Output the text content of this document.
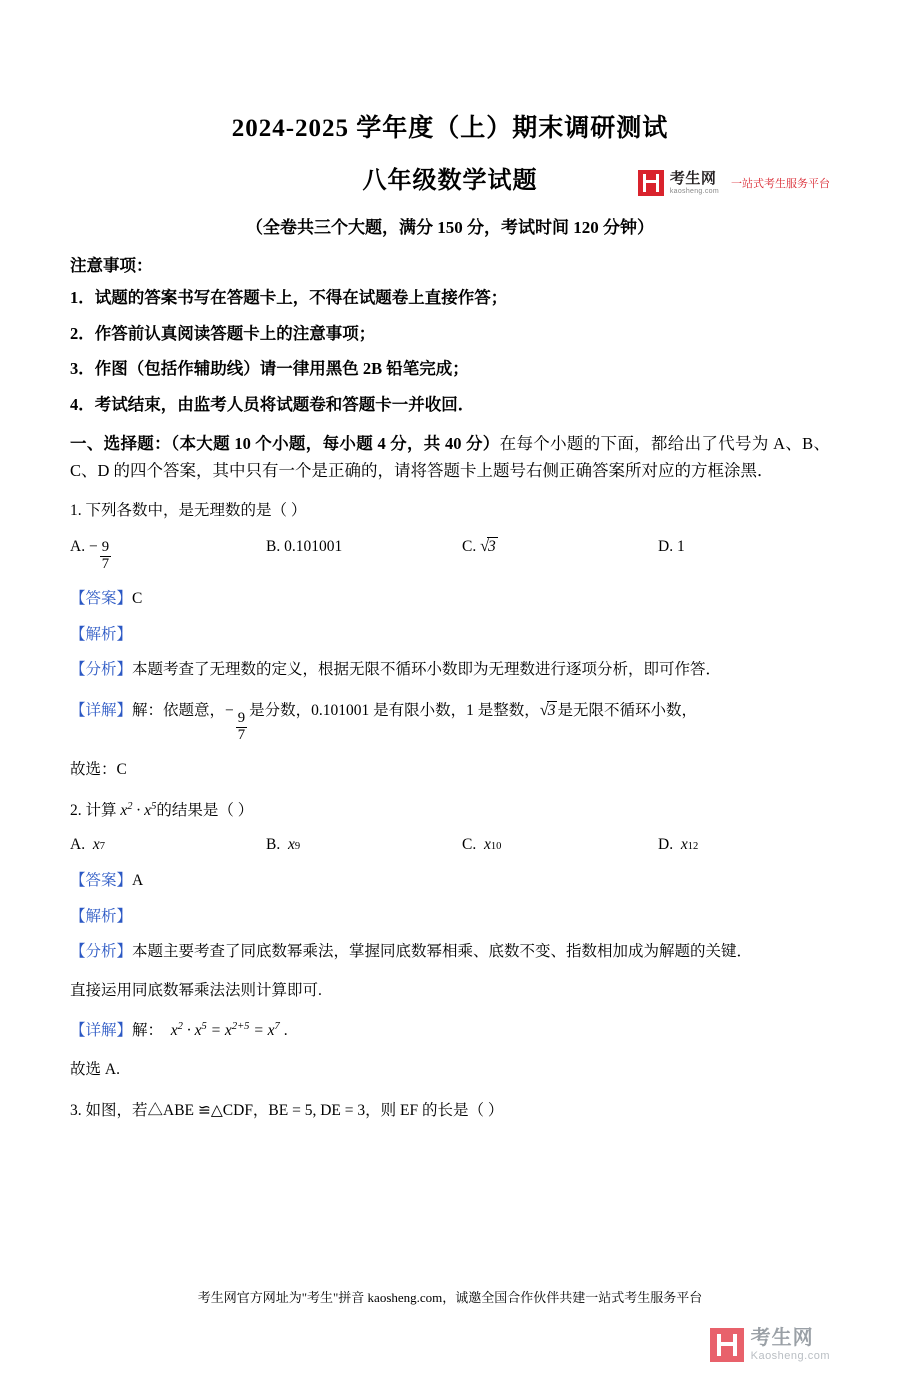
考生网
kaosheng.com
一站式考生服务平台
2024-2025 学年度（上）期末调研测试
八年级数学试题
（全卷共三个大题，满分 150 分，考试时间 120 分钟）
注意事项：
1．试题的答案书写在答题卡上，不得在试题卷上直接作答；
2．作答前认真阅读答题卡上的注意事项；
3．作图（包括作辅助线）请一律用黑色 2B 铅笔完成；
4．考试结束，由监考人员将试题卷和答题卡一并收回．
一、选择题：（本大题 10 个小题，每小题 4 分，共 40 分）在每个小题的下面，都给出了代号为 A、B、C、D 的四个答案，其中只有一个是正确的，请将答题卡上题号右侧正确答案所对应的方框涂黑．
1. 下列各数中，是无理数的是（ ）
A.
− $\frac{9}{7}$	B.
0.101001	C.
√3	D.
1
【答案】C
【解析】
【分析】本题考查了无理数的定义，根据无限不循环小数即为无理数进行逐项分析，即可作答．
【详解】解：依题意，−
$\frac{9}{7}$
是分数，0.101001 是有限小数，1 是整数，√3 是无限不循环小数，
故选：C
2. 计算 $x^2 \cdot x^5$的结果是（ ）
A.
x 7	B.
x 9	C.
x 10	D.
x 12
【答案】A
【解析】
【分析】本题主要考查了同底数幂乘法，掌握同底数幂相乘、底数不变、指数相加成为解题的关键．
直接运用同底数幂乘法法则计算即可.
【详解】解： $x^2 \cdot x^5 = x^{2+5} = x^7$ .
故选 A.
3. 如图，若△ABE ≌△CDF，BE = 5, DE = 3，则 EF 的长是（ ）
考生网官方网址为"考生"拼音 kaosheng.com，诚邀全国合作伙伴共建一站式考生服务平台
考生网
Kaosheng.com
